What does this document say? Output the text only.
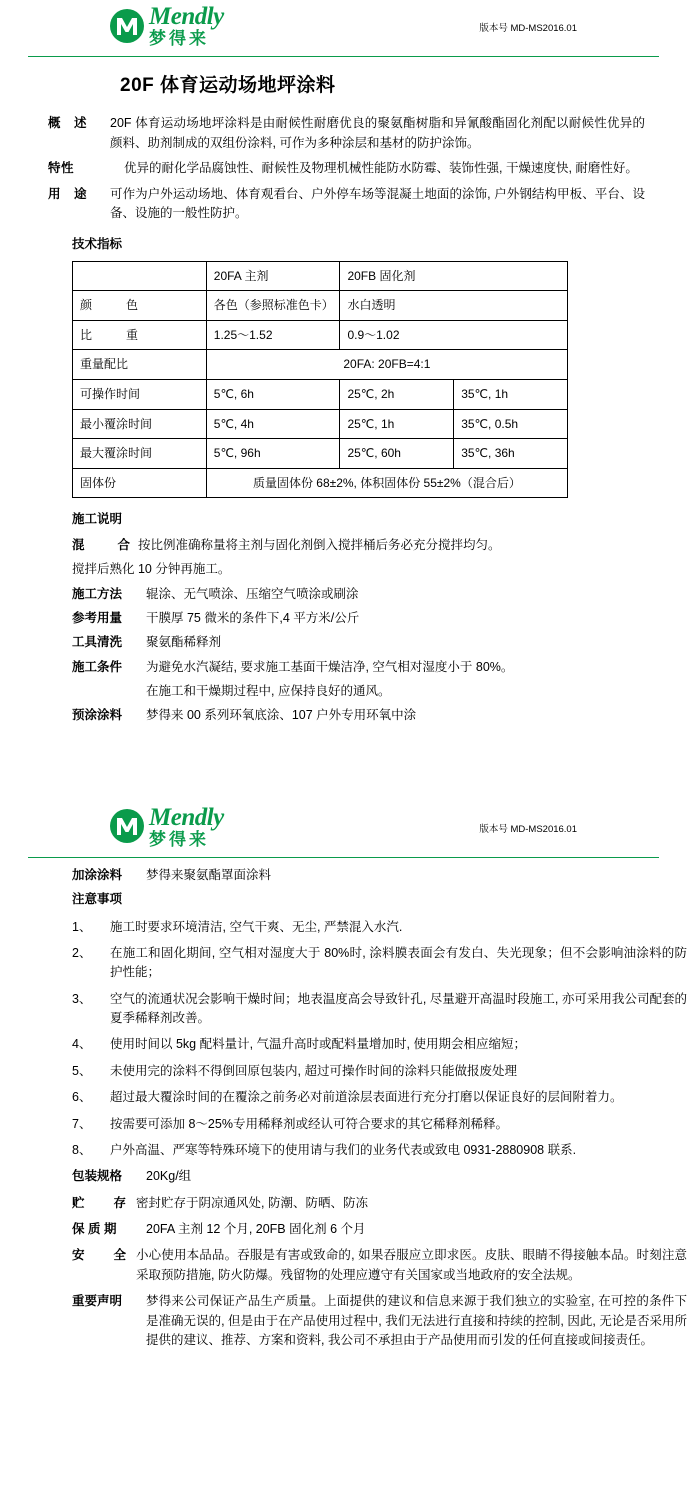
Mendly
梦得来
版本号 MD-MS2016.01
20F 体育运动场地坪涂料
概　述	20F 体育运动场地坪涂料是由耐候性耐磨优良的聚氨酯树脂和异氰酸酯固化剂配以耐候性优异的颜料、助剂制成的双组份涂料, 可作为多种涂层和基材的防护涂饰。
特性	优异的耐化学品腐蚀性、耐候性及物理机械性能防水防霉、装饰性强, 干燥速度快, 耐磨性好。
用　途	可作为户外运动场地、体育观看台、户外停车场等混凝土地面的涂饰, 户外钢结构甲板、平台、设备、设施的一般性防护。
技术指标
	20FA 主剂	20FB 固化剂	

颜 色	各色（参照标准色卡）	水白透明	

比 重	1.25～1.52	0.9～1.02	
重量配比	20FA: 20FB=4:1		
可操作时间	5℃, 6h	25℃, 2h	35℃, 1h
最小覆涂时间	5℃, 4h	25℃, 1h	35℃, 0.5h
最大覆涂时间	5℃, 96h	25℃, 60h	35℃, 36h
固体份	质量固体份 68±2%, 体积固体份 55±2%（混合后）		
施工说明
混	合 按比例准确称量将主剂与固化剂倒入搅拌桶后务必充分搅拌均匀。
搅拌后熟化 10 分钟再施工。
施工方法	辊涂、无气喷涂、压缩空气喷涂或刷涂
参考用量	干膜厚 75 微米的条件下,4 平方米/公斤
工具清洗	聚氨酯稀释剂
施工条件	为避免水汽凝结, 要求施工基面干燥洁净, 空气相对湿度小于 80%。
在施工和干燥期过程中, 应保持良好的通风。
预涂涂料	梦得来 00 系列环氧底涂、107 户外专用环氧中涂
Mendly
梦得来
版本号 MD-MS2016.01
加涂涂料	梦得来聚氨酯罩面涂料
注意事项
1、	施工时要求环境清洁, 空气干爽、无尘, 严禁混入水汽.
2、	在施工和固化期间, 空气相对湿度大于 80%时, 涂料膜表面会有发白、失光现象；但不会影响油涂料的防护性能；
3、	空气的流通状况会影响干燥时间；地表温度高会导致针孔, 尽量避开高温时段施工, 亦可采用我公司配套的夏季稀释剂改善。
4、	使用时间以 5kg 配料量计, 气温升高时或配料量增加时, 使用期会相应缩短；
5、	未使用完的涂料不得倒回原包装内, 超过可操作时间的涂料只能做报废处理
6、	超过最大覆涂时间的在覆涂之前务必对前道涂层表面进行充分打磨以保证良好的层间附着力。
7、	按需要可添加 8～25%专用稀释剂或经认可符合要求的其它稀释剂稀释。
8、	户外高温、严寒等特殊环境下的使用请与我们的业务代表或致电 0931-2880908 联系.
包装规格	20Kg/组
贮 存 密封贮存于阴凉通风处, 防潮、防晒、防冻
保 质 期	20FA 主剂 12 个月, 20FB 固化剂 6 个月
安 全 小心使用本品品。吞服是有害或致命的, 如果吞服应立即求医。皮肤、眼睛不得接触本品。时刻注意采取预防措施, 防火防爆。残留物的处理应遵守有关国家或当地政府的安全法规。
重要声明	梦得来公司保证产品生产质量。上面提供的建议和信息来源于我们独立的实验室, 在可控的条件下是准确无误的, 但是由于在产品使用过程中, 我们无法进行直接和持续的控制, 因此, 无论是否采用所提供的建议、推荐、方案和资料, 我公司不承担由于产品使用而引发的任何直接或间接责任。
